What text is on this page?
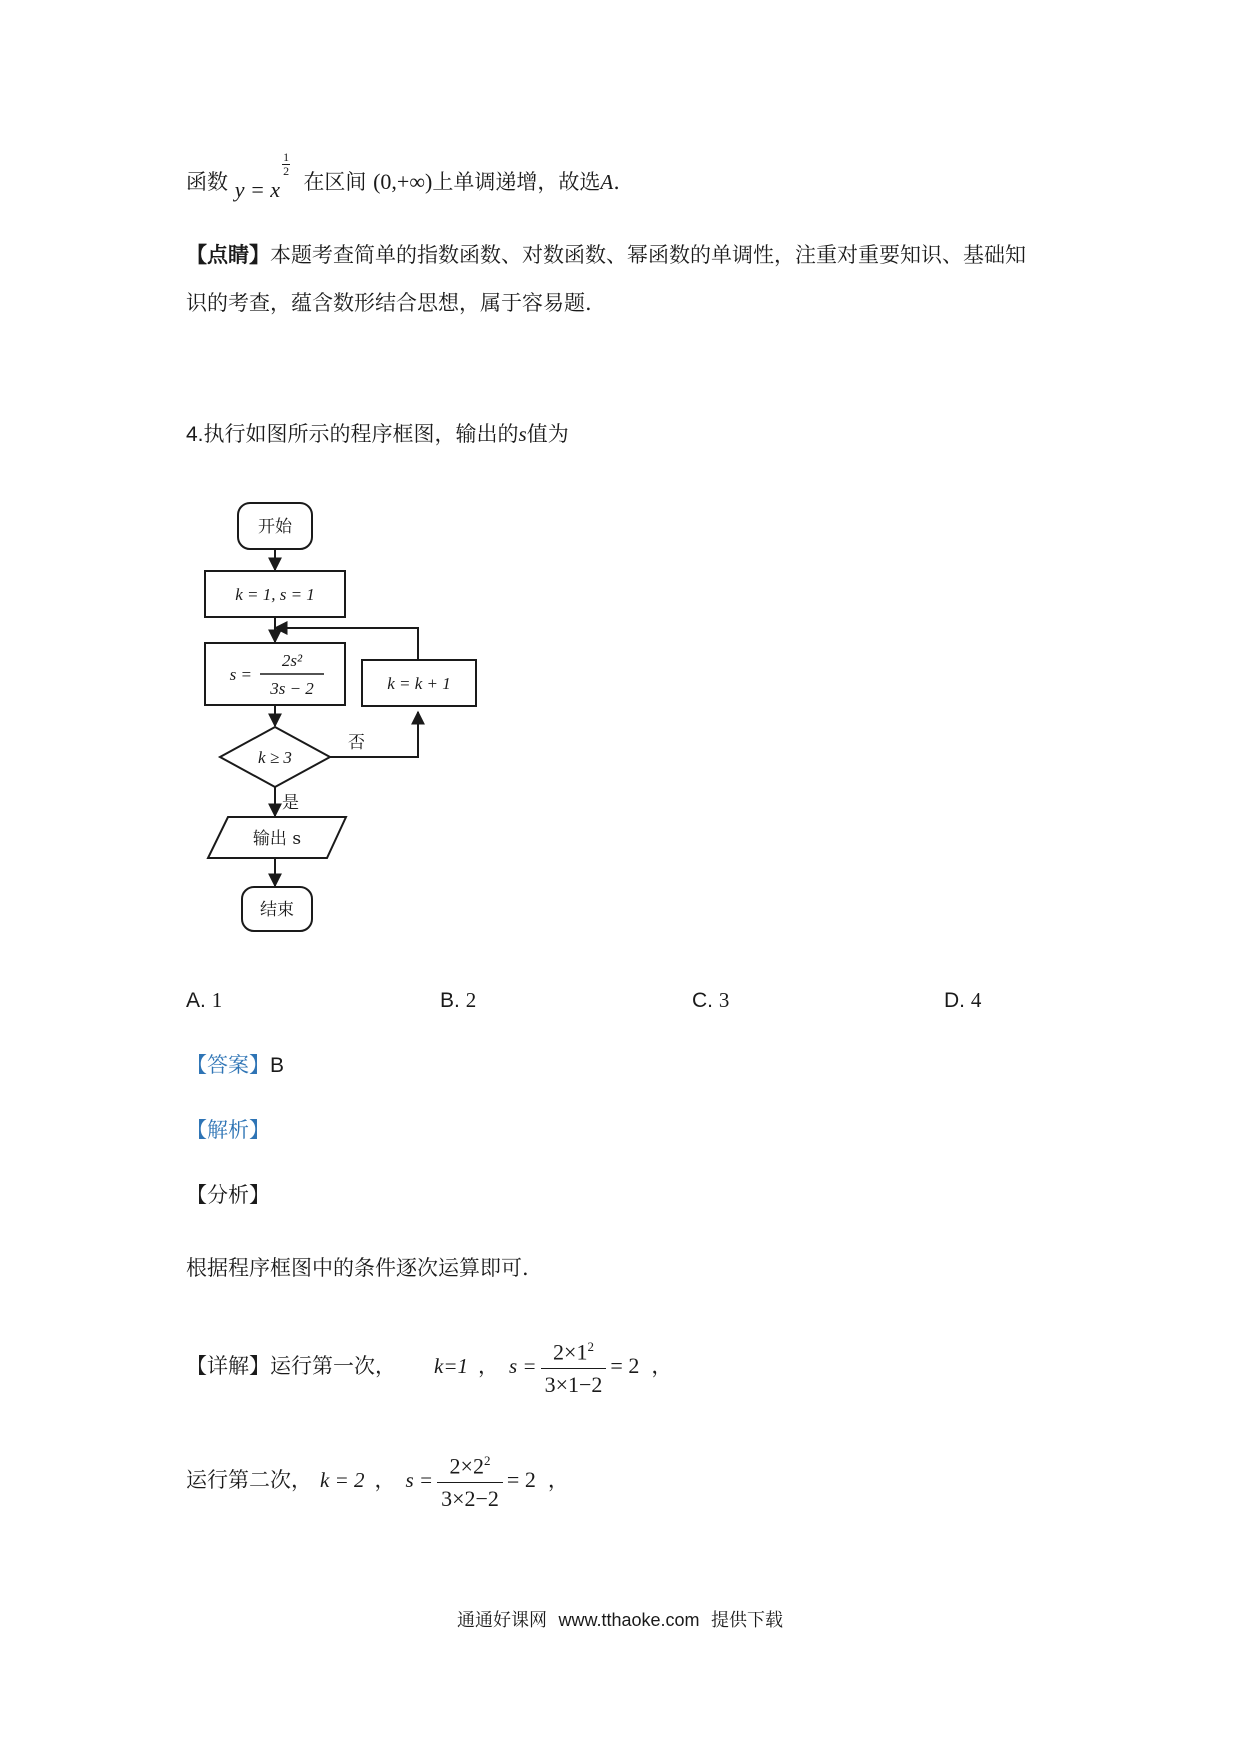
函数 y = x
$\frac{1}{2}$
在区间 (0,+∞)上单调递增，故选A.
【点睛】本题考查简单的指数函数、对数函数、幂函数的单调性，注重对重要知识、基础知
识的考查，蕴含数形结合思想，属于容易题.
4.执行如图所示的程序框图，输出的s值为
开始
k = 1, s = 1
s =
2s²
3s − 2	k = k + 1
k ≥ 3
否
是
输出 s
结束
A. 1	B. 2	C. 3	D. 4
【答案】B
【解析】
【分析】
根据程序框图中的条件逐次运算即可.
【详解】 运行第一次， k=1 ， $s = \frac{2\times 1^2}{3\times 1-2} = 2$ ，
运行第二次， k = 2 ， $s = \frac{2\times 2^2}{3\times 2-2} = 2$ ，
通通好课网 www.tthaoke.com 提供下载
